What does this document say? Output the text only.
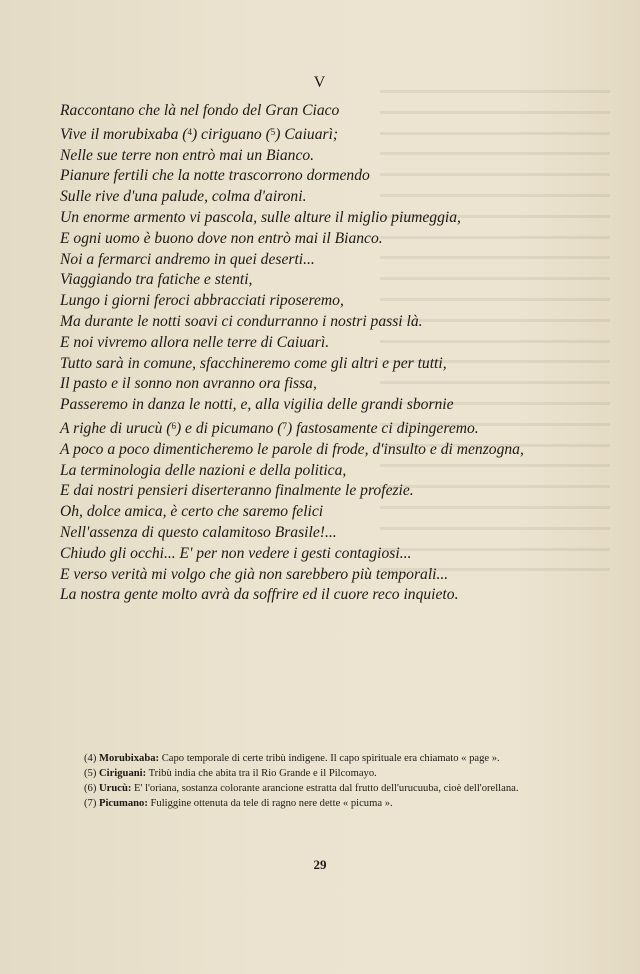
V
Raccontano che là nel fondo del Gran Ciaco
Vive il morubixaba ($^4$) ciriguano ($^5$) Caiuarì;
Nelle sue terre non entrò mai un Bianco.
Pianure fertili che la notte trascorrono dormendo
Sulle rive d'una palude, colma d'aironi.
Un enorme armento vi pascola, sulle alture il miglio piumeggia,
E ogni uomo è buono dove non entrò mai il Bianco.
Noi a fermarci andremo in quei deserti...
Viaggiando tra fatiche e stenti,
Lungo i giorni feroci abbracciati riposeremo,
Ma durante le notti soavi ci condurranno i nostri passi là.
E noi vivremo allora nelle terre di Caiuarì.
Tutto sarà in comune, sfacchineremo come gli altri e per tutti,
Il pasto e il sonno non avranno ora fissa,
Passeremo in danza le notti, e, alla vigilia delle grandi sbornie
A righe di urucù ($^6$) e di picumano ($^7$) fastosamente ci dipingeremo.
A poco a poco dimenticheremo le parole di frode, d'insulto e di menzogna,
La terminologia delle nazioni e della politica,
E dai nostri pensieri diserteranno finalmente le profezie.
Oh, dolce amica, è certo che saremo felici
Nell'assenza di questo calamitoso Brasile!...
Chiudo gli occhi... E' per non vedere i gesti contagiosi...
E verso verità mi volgo che già non sarebbero più temporali...
La nostra gente molto avrà da soffrire ed il cuore reco inquieto.
(4) Morubixaba: Capo temporale di certe tribù indigene. Il capo spirituale era chiamato « page ».
(5) Ciriguani: Tribù india che abita tra il Rio Grande e il Pilcomayo.
(6) Urucù: E' l'oriana, sostanza colorante arancione estratta dal frutto dell'urucuuba, cioè dell'orellana.
(7) Picumano: Fuliggine ottenuta da tele di ragno nere dette « picuma ».
29
